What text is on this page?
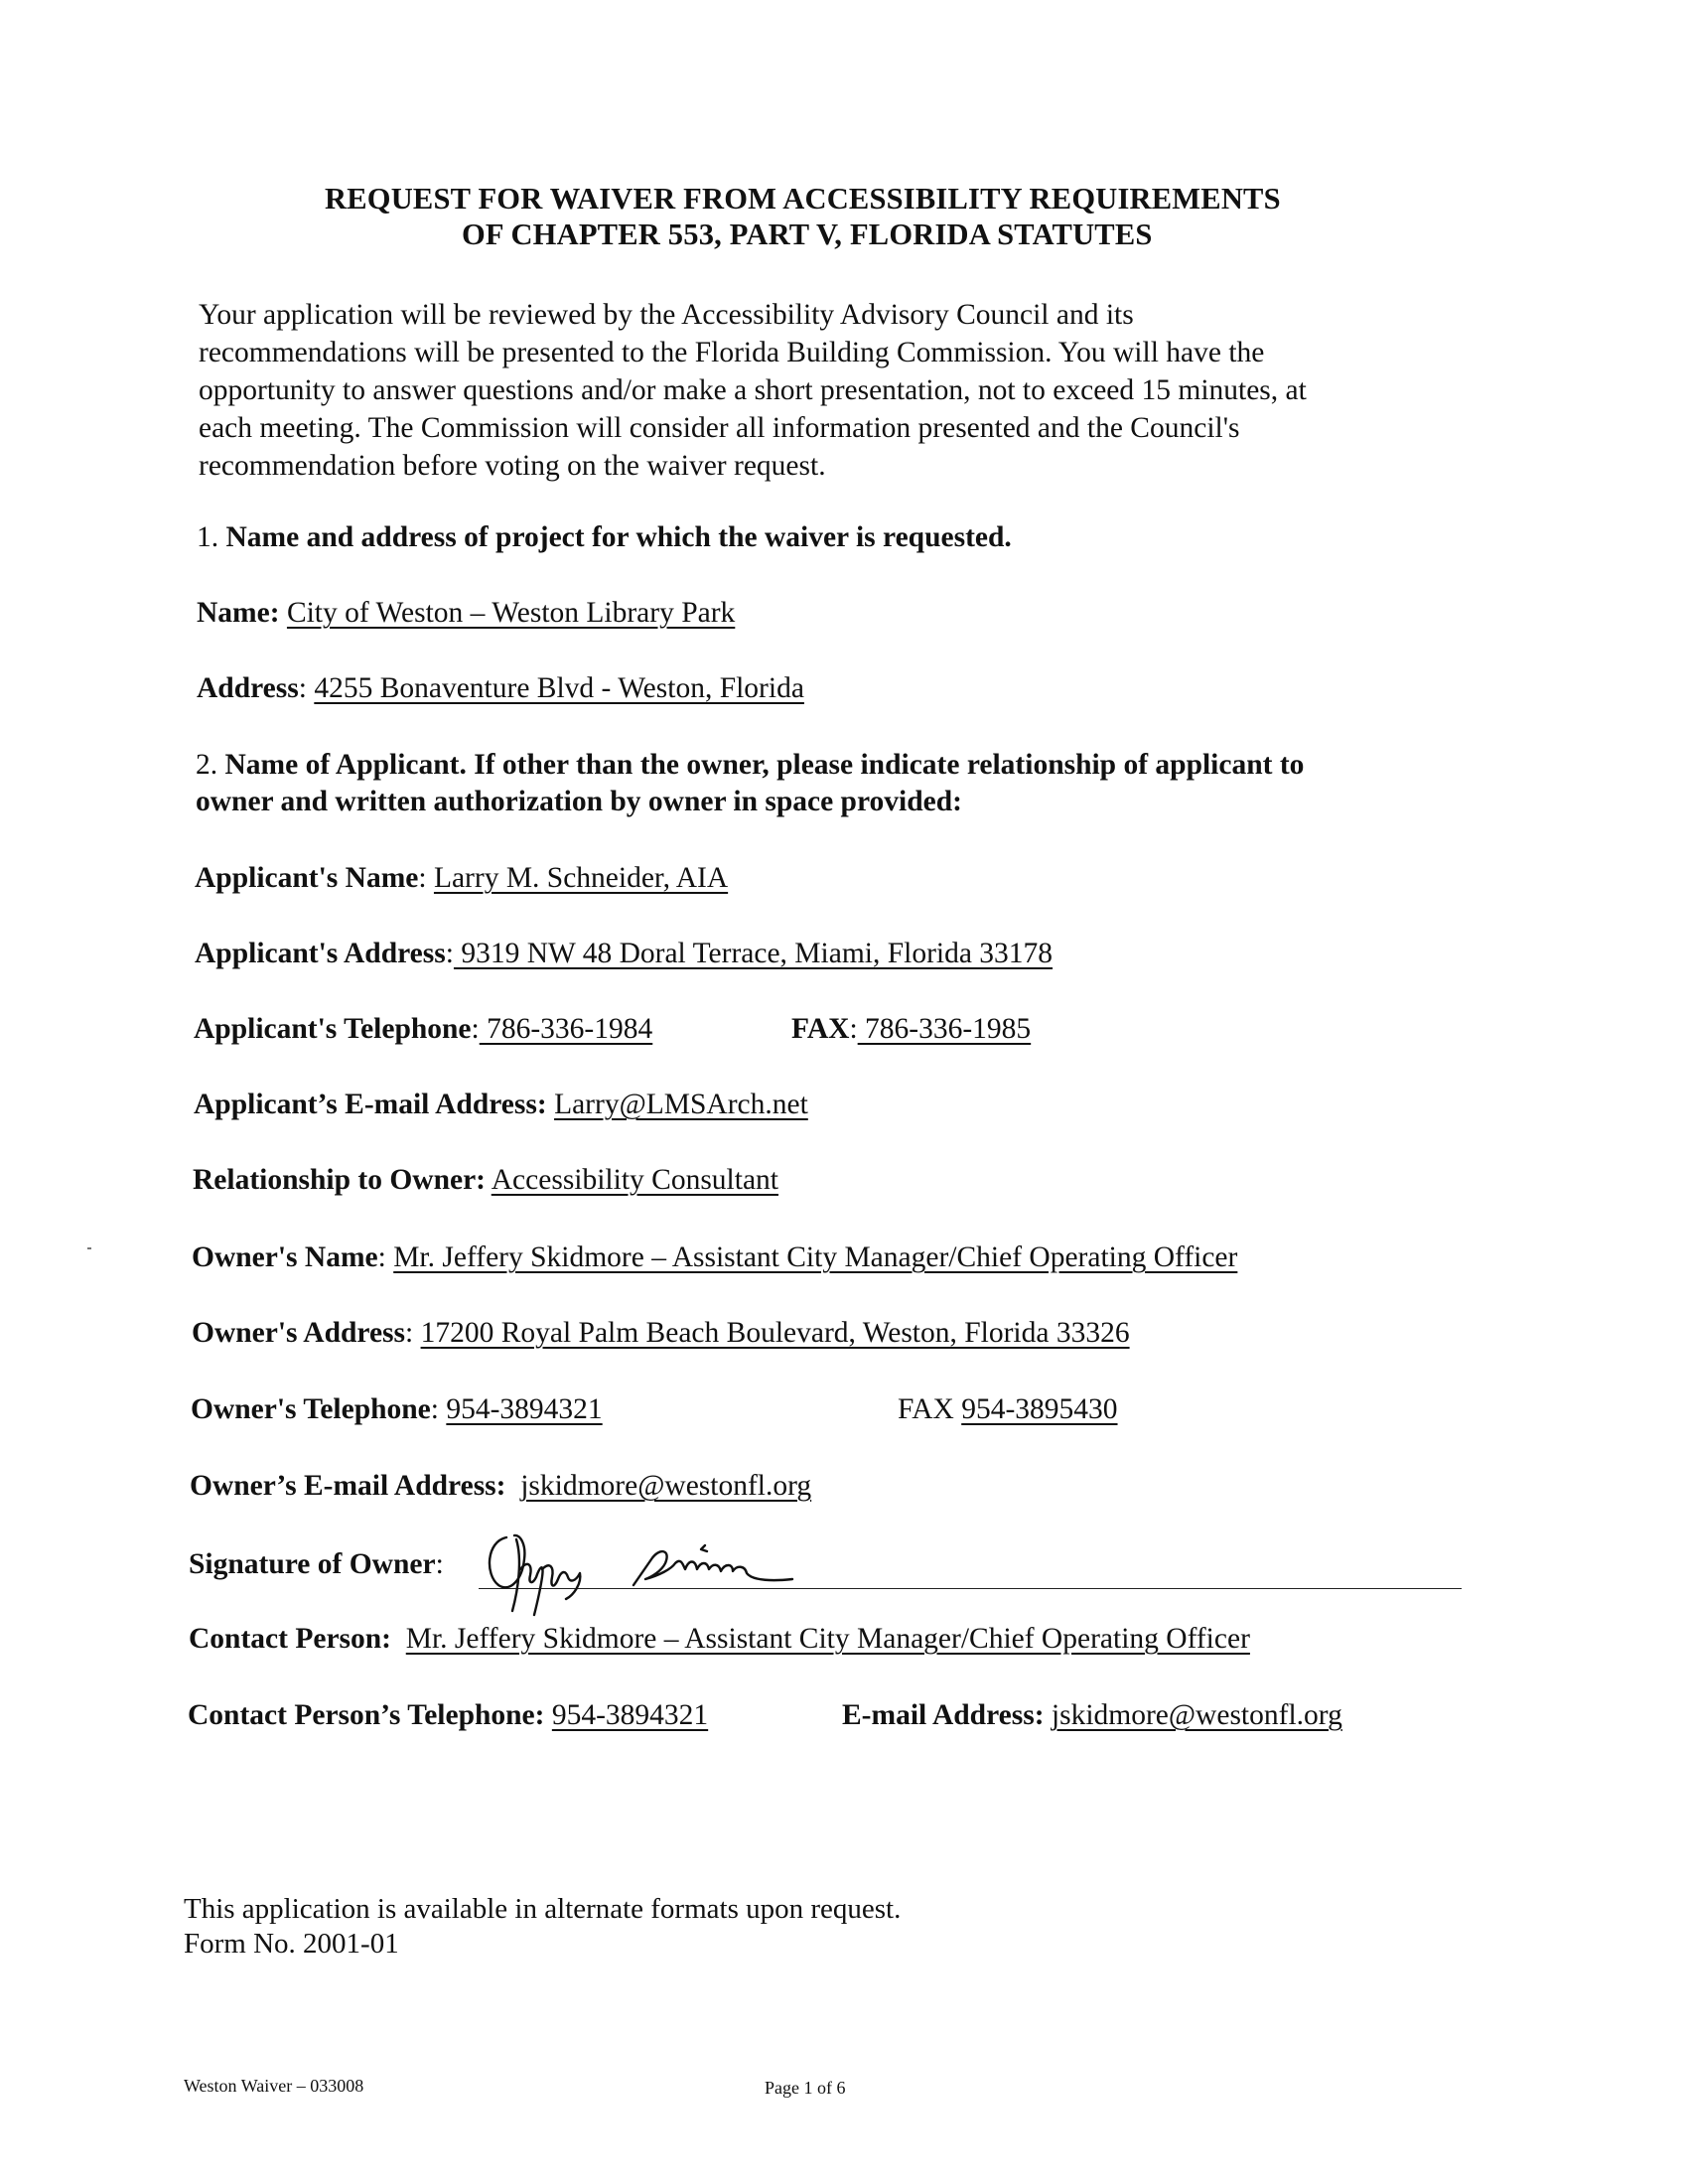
REQUEST FOR WAIVER FROM ACCESSIBILITY REQUIREMENTS
OF CHAPTER 553, PART V, FLORIDA STATUTES
Your application will be reviewed by the Accessibility Advisory Council and its
recommendations will be presented to the Florida Building Commission. You will have the
opportunity to answer questions and/or make a short presentation, not to exceed 15 minutes, at
each meeting. The Commission will consider all information presented and the Council's
recommendation before voting on the waiver request.
1. Name and address of project for which the waiver is requested.
Name: City of Weston – Weston Library Park
Address: 4255 Bonaventure Blvd - Weston, Florida
2. Name of Applicant. If other than the owner, please indicate relationship of applicant to
owner and written authorization by owner in space provided:
Applicant's Name: Larry M. Schneider, AIA
Applicant's Address: 9319 NW 48 Doral Terrace, Miami, Florida 33178
Applicant's Telephone: 786-336-1984	FAX: 786-336-1985
Applicant’s E-mail Address: Larry@LMSArch.net
Relationship to Owner: Accessibility Consultant
Owner's Name: Mr. Jeffery Skidmore – Assistant City Manager/Chief Operating Officer
Owner's Address: 17200 Royal Palm Beach Boulevard, Weston, Florida 33326
Owner's Telephone: 954-3894321	FAX 954-3895430
Owner’s E-mail Address: jskidmore@westonfl.org
Signature of Owner:
Contact Person: Mr. Jeffery Skidmore – Assistant City Manager/Chief Operating Officer
Contact Person’s Telephone: 954-3894321	E-mail Address: jskidmore@westonfl.org
This application is available in alternate formats upon request.
Form No. 2001-01
Weston Waiver – 033008	Page 1 of 6
